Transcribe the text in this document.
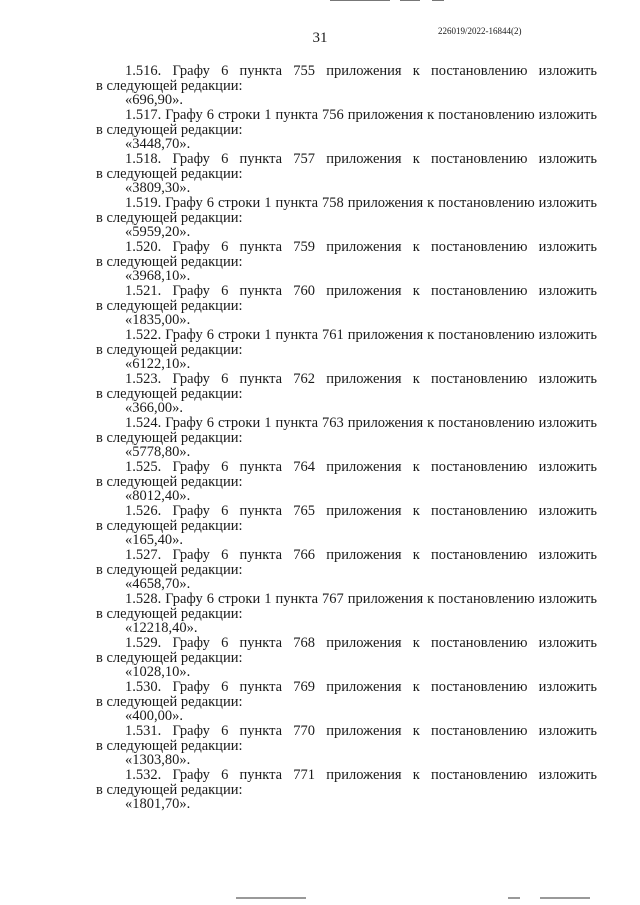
31	226019/2022-16844(2)
1.516. Графу 6 пункта 755 приложения к постановлению изложить
в следующей редакции:
«696,90».
1.517. Графу 6 строки 1 пункта 756 приложения к постановлению изложить
в следующей редакции:
«3448,70».
1.518. Графу 6 пункта 757 приложения к постановлению изложить
в следующей редакции:
«3809,30».
1.519. Графу 6 строки 1 пункта 758 приложения к постановлению изложить
в следующей редакции:
«5959,20».
1.520. Графу 6 пункта 759 приложения к постановлению изложить
в следующей редакции:
«3968,10».
1.521. Графу 6 пункта 760 приложения к постановлению изложить
в следующей редакции:
«1835,00».
1.522. Графу 6 строки 1 пункта 761 приложения к постановлению изложить
в следующей редакции:
«6122,10».
1.523. Графу 6 пункта 762 приложения к постановлению изложить
в следующей редакции:
«366,00».
1.524. Графу 6 строки 1 пункта 763 приложения к постановлению изложить
в следующей редакции:
«5778,80».
1.525. Графу 6 пункта 764 приложения к постановлению изложить
в следующей редакции:
«8012,40».
1.526. Графу 6 пункта 765 приложения к постановлению изложить
в следующей редакции:
«165,40».
1.527. Графу 6 пункта 766 приложения к постановлению изложить
в следующей редакции:
«4658,70».
1.528. Графу 6 строки 1 пункта 767 приложения к постановлению изложить
в следующей редакции:
«12218,40».
1.529. Графу 6 пункта 768 приложения к постановлению изложить
в следующей редакции:
«1028,10».
1.530. Графу 6 пункта 769 приложения к постановлению изложить
в следующей редакции:
«400,00».
1.531. Графу 6 пункта 770 приложения к постановлению изложить
в следующей редакции:
«1303,80».
1.532. Графу 6 пункта 771 приложения к постановлению изложить
в следующей редакции:
«1801,70».
